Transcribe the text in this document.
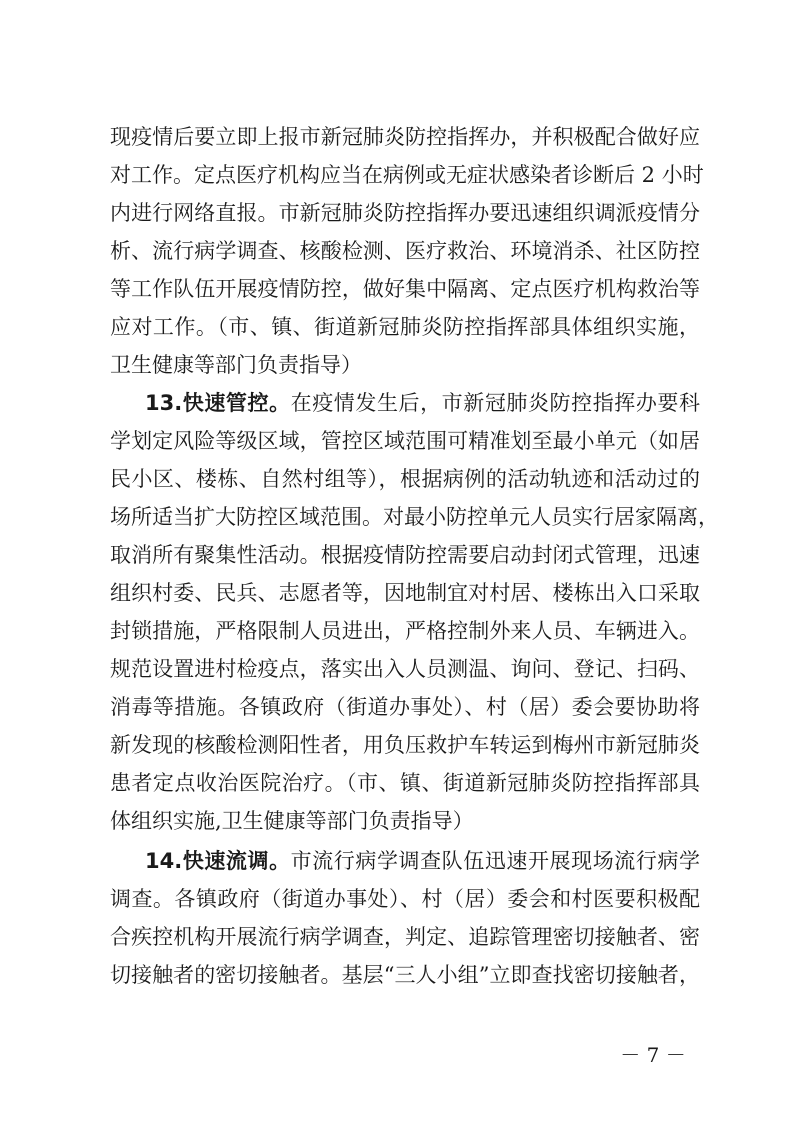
现疫情后要立即上报市新冠肺炎防控指挥办，并积极配合做好应
对工作。定点医疗机构应当在病例或无症状感染者诊断后 2 小时
内进行网络直报。市新冠肺炎防控指挥办要迅速组织调派疫情分
析、流行病学调查、核酸检测、医疗救治、环境消杀、社区防控
等工作队伍开展疫情防控，做好集中隔离、定点医疗机构救治等
应对工作。（市、镇、街道新冠肺炎防控指挥部具体组织实施，
卫生健康等部门负责指导）
13.快速管控。在疫情发生后，市新冠肺炎防控指挥办要科
学划定风险等级区域，管控区域范围可精准划至最小单元（如居
民小区、楼栋、自然村组等），根据病例的活动轨迹和活动过的
场所适当扩大防控区域范围。对最小防控单元人员实行居家隔离，
取消所有聚集性活动。根据疫情防控需要启动封闭式管理，迅速
组织村委、民兵、志愿者等，因地制宜对村居、楼栋出入口采取
封锁措施，严格限制人员进出，严格控制外来人员、车辆进入。
规范设置进村检疫点，落实出入人员测温、询问、登记、扫码、
消毒等措施。各镇政府（街道办事处）、村（居）委会要协助将
新发现的核酸检测阳性者，用负压救护车转运到梅州市新冠肺炎
患者定点收治医院治疗。（市、镇、街道新冠肺炎防控指挥部具
体组织实施,卫生健康等部门负责指导）
14.快速流调。市流行病学调查队伍迅速开展现场流行病学
调查。各镇政府（街道办事处）、村（居）委会和村医要积极配
合疾控机构开展流行病学调查，判定、追踪管理密切接触者、密
切接触者的密切接触者。基层“三人小组”立即查找密切接触者，
－ 7 －
